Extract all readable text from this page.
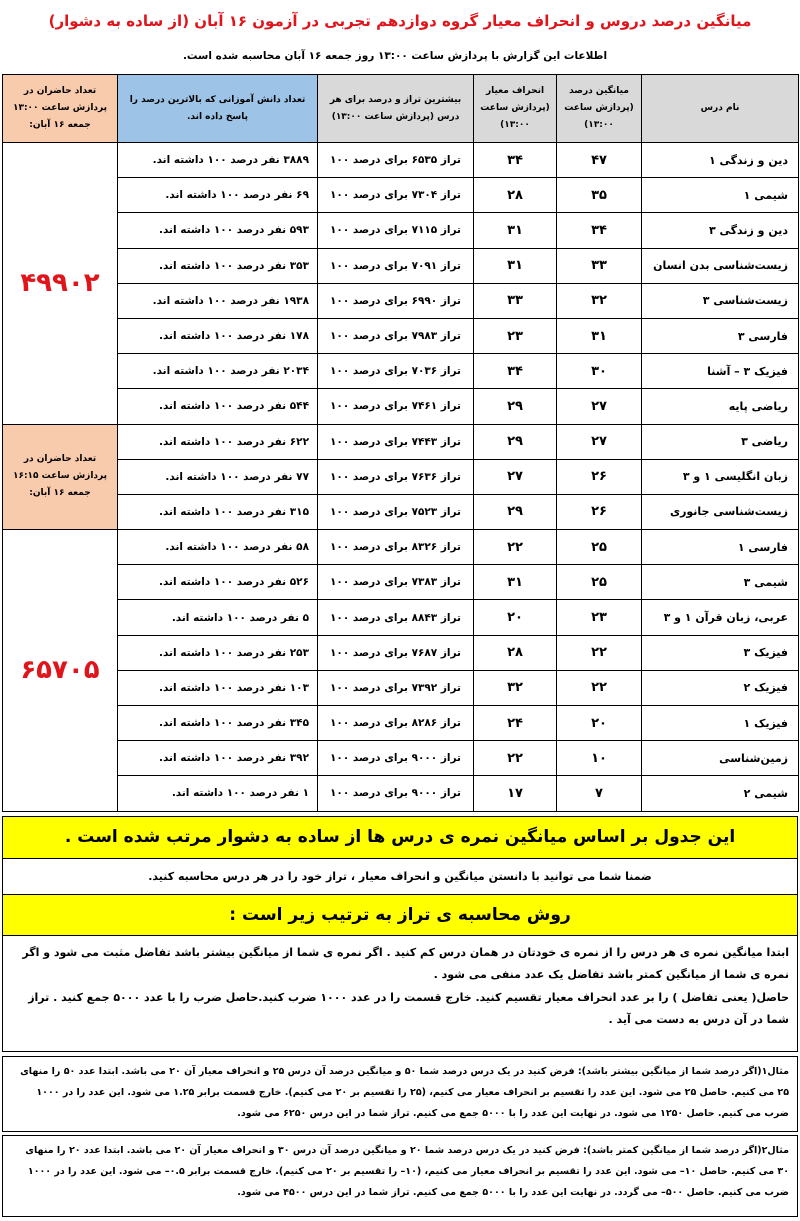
میانگین درصد دروس و انحراف معیار گروه دوازدهم تجربی در آزمون ۱۶ آبان (از ساده به دشوار)
اطلاعات این گزارش با پردازش ساعت ۱۳:۰۰ روز جمعه ۱۶ آبان محاسبه شده است.
نام درس	میانگین درصد (پردازش ساعت ۱۳:۰۰)	انحراف معیار (پردازش ساعت ۱۳:۰۰)	بیشترین تراز و درصد برای هر درس (پردازش ساعت ۱۳:۰۰)	تعداد دانش آموزانی که بالاترین درصد را پاسخ داده اند.	تعداد حاضران در پردازش ساعت ۱۳:۰۰ جمعه ۱۶ آبان:
دین و زندگی ۱	۴۷	۳۴	تراز ۶۵۳۵ برای درصد ۱۰۰	۳۸۸۹ نفر درصد ۱۰۰ داشته اند.	۴۹۹۰۲
شیمی ۱	۳۵	۲۸	تراز ۷۳۰۴ برای درصد ۱۰۰	۶۹ نفر درصد ۱۰۰ داشته اند.	
دین و زندگی ۳	۳۴	۳۱	تراز ۷۱۱۵ برای درصد ۱۰۰	۵۹۳ نفر درصد ۱۰۰ داشته اند.	
زیست‌شناسی بدن انسان	۳۳	۳۱	تراز ۷۰۹۱ برای درصد ۱۰۰	۳۵۳ نفر درصد ۱۰۰ داشته اند.	
زیست‌شناسی ۳	۳۲	۳۳	تراز ۶۹۹۰ برای درصد ۱۰۰	۱۹۳۸ نفر درصد ۱۰۰ داشته اند.	
فارسی ۳	۳۱	۲۳	تراز ۷۹۸۳ برای درصد ۱۰۰	۱۷۸ نفر درصد ۱۰۰ داشته اند.	
فیزیک ۳ – آشنا	۳۰	۳۴	تراز ۷۰۳۶ برای درصد ۱۰۰	۲۰۳۴ نفر درصد ۱۰۰ داشته اند.	
ریاضی پایه	۲۷	۲۹	تراز ۷۴۶۱ برای درصد ۱۰۰	۵۴۴ نفر درصد ۱۰۰ داشته اند.	
ریاضی ۳	۲۷	۲۹	تراز ۷۴۴۳ برای درصد ۱۰۰	۶۲۲ نفر درصد ۱۰۰ داشته اند.	تعداد حاضران در پردازش ساعت ۱۶:۱۵ جمعه ۱۶ آبان:
زبان انگلیسی ۱ و ۳	۲۶	۲۷	تراز ۷۶۳۶ برای درصد ۱۰۰	۷۷ نفر درصد ۱۰۰ داشته اند.	
زیست‌شناسی جانوری	۲۶	۲۹	تراز ۷۵۲۳ برای درصد ۱۰۰	۳۱۵ نفر درصد ۱۰۰ داشته اند.	
فارسی ۱	۲۵	۲۲	تراز ۸۳۲۶ برای درصد ۱۰۰	۵۸ نفر درصد ۱۰۰ داشته اند.	۶۵۷۰۵
شیمی ۳	۲۵	۳۱	تراز ۷۳۸۳ برای درصد ۱۰۰	۵۲۶ نفر درصد ۱۰۰ داشته اند.	
عربی، زبان قرآن ۱ و ۳	۲۳	۲۰	تراز ۸۸۴۳ برای درصد ۱۰۰	۵ نفر درصد ۱۰۰ داشته اند.	
فیزیک ۳	۲۲	۲۸	تراز ۷۶۸۷ برای درصد ۱۰۰	۲۵۳ نفر درصد ۱۰۰ داشته اند.	
فیزیک ۲	۲۲	۳۲	تراز ۷۳۹۲ برای درصد ۱۰۰	۱۰۳ نفر درصد ۱۰۰ داشته اند.	
فیزیک ۱	۲۰	۲۴	تراز ۸۲۸۶ برای درصد ۱۰۰	۳۴۵ نفر درصد ۱۰۰ داشته اند.	
زمین‌شناسی	۱۰	۲۲	تراز ۹۰۰۰ برای درصد ۱۰۰	۳۹۲ نفر درصد ۱۰۰ داشته اند.	
شیمی ۲	۷	۱۷	تراز ۹۰۰۰ برای درصد ۱۰۰	۱ نفر درصد ۱۰۰ داشته اند.	
این جدول بر اساس میانگین نمره ی درس ها از ساده به دشوار مرتب شده است .
ضمنا شما می توانید با دانستن میانگین و انحراف معیار ، تراز خود را در هر درس محاسبه کنید.
روش محاسبه ی تراز به ترتیب زیر است :

ابتدا میانگین نمره ی هر درس را از نمره ی خودتان در همان درس کم کنید . اگر نمره ی شما از میانگین بیشتر باشد تفاضل مثبت می شود و اگر نمره ی شما از میانگین کمتر باشد تفاضل یک عدد منفی می شود .

حاصل( یعنی تفاضل ) را بر عدد انحراف معیار تقسیم کنید. خارج قسمت را در عدد ۱۰۰۰ ضرب کنید.حاصل ضرب را با عدد ۵۰۰۰ جمع کنید . تراز شما در آن درس به دست می آید .

مثال۱(اگر درصد شما از میانگین بیشتر باشد): فرض کنید در یک درس درصد شما ۵۰ و میانگین درصد آن درس ۲۵ و انحراف معیار آن ۲۰ می باشد. ابتدا عدد ۵۰ را منهای ۲۵ می کنیم. حاصل ۲۵ می شود. این عدد را تقسیم بر انحراف معیار می کنیم، (۲۵ را تقسیم بر ۲۰ می کنیم). خارج قسمت برابر ۱.۲۵ می شود. این عدد را در ۱۰۰۰ ضرب می کنیم. حاصل ۱۲۵۰ می شود. در نهایت این عدد را با ۵۰۰۰ جمع می کنیم. تراز شما در این درس ۶۲۵۰ می شود.
مثال۲(اگر درصد شما از میانگین کمتر باشد): فرض کنید در یک درس درصد شما ۲۰ و میانگین درصد آن درس ۳۰ و انحراف معیار آن ۲۰ می باشد. ابتدا عدد ۲۰ را منهای ۳۰ می کنیم. حاصل ۱۰– می شود. این عدد را تقسیم بر انحراف معیار می کنیم، (۱۰– را تقسیم بر ۲۰ می کنیم). خارج قسمت برابر ۰.۵– می شود. این عدد را در ۱۰۰۰ ضرب می کنیم. حاصل ۵۰۰– می گردد. در نهایت این عدد را با ۵۰۰۰ جمع می کنیم. تراز شما در این درس ۴۵۰۰ می شود.
